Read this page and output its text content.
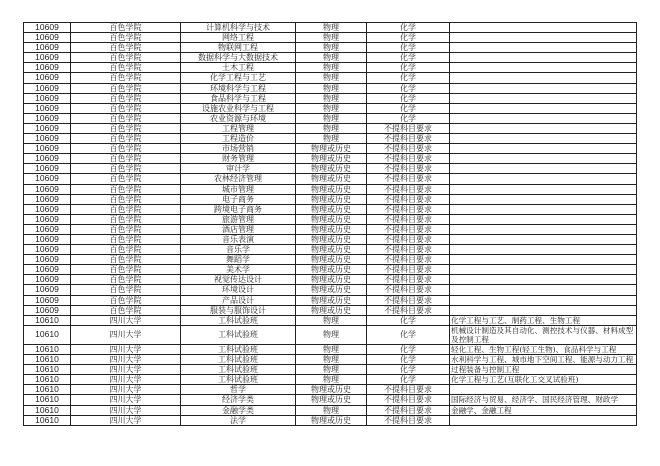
10609	百色学院	计算机科学与技术	物理	化学	
10609	百色学院	网络工程	物理	化学	
10609	百色学院	物联网工程	物理	化学	
10609	百色学院	数据科学与大数据技术	物理	化学	
10609	百色学院	土木工程	物理	化学	
10609	百色学院	化学工程与工艺	物理	化学	
10609	百色学院	环境科学与工程	物理	化学	
10609	百色学院	食品科学与工程	物理	化学	
10609	百色学院	设施农业科学与工程	物理	化学	
10609	百色学院	农业资源与环境	物理	化学	
10609	百色学院	工程管理	物理	不提科目要求	
10609	百色学院	工程造价	物理	不提科目要求	
10609	百色学院	市场营销	物理或历史	不提科目要求	
10609	百色学院	财务管理	物理或历史	不提科目要求	
10609	百色学院	审计学	物理或历史	不提科目要求	
10609	百色学院	农林经济管理	物理或历史	不提科目要求	
10609	百色学院	城市管理	物理或历史	不提科目要求	
10609	百色学院	电子商务	物理或历史	不提科目要求	
10609	百色学院	跨境电子商务	物理或历史	不提科目要求	
10609	百色学院	旅游管理	物理或历史	不提科目要求	
10609	百色学院	酒店管理	物理或历史	不提科目要求	
10609	百色学院	音乐表演	物理或历史	不提科目要求	
10609	百色学院	音乐学	物理或历史	不提科目要求	
10609	百色学院	舞蹈学	物理或历史	不提科目要求	
10609	百色学院	美术学	物理或历史	不提科目要求	
10609	百色学院	视觉传达设计	物理或历史	不提科目要求	
10609	百色学院	环境设计	物理或历史	不提科目要求	
10609	百色学院	产品设计	物理或历史	不提科目要求	
10609	百色学院	服装与服饰设计	物理或历史	不提科目要求	
10610	四川大学	工科试验班	物理	化学	化学工程与工艺、制药工程、生物工程
10610	四川大学	工科试验班	物理	化学	机械设计制造及其自动化、测控技术与仪器、材料成型及控制工程
10610	四川大学	工科试验班	物理	化学	轻化工程、生物工程(轻工生物)、食品科学与工程
10610	四川大学	工科试验班	物理	化学	水利科学与工程、城市地下空间工程、能源与动力工程
10610	四川大学	工科试验班	物理	化学	过程装备与控制工程
10610	四川大学	工科试验班	物理	化学	化学工程与工艺(互联化工交叉试验班)
10610	四川大学	哲学	物理或历史	不提科目要求	
10610	四川大学	经济学类	物理或历史	不提科目要求	国际经济与贸易、经济学、国民经济管理、财政学
10610	四川大学	金融学类	物理	不提科目要求	金融学、金融工程
10610	四川大学	法学	物理或历史	不提科目要求	
